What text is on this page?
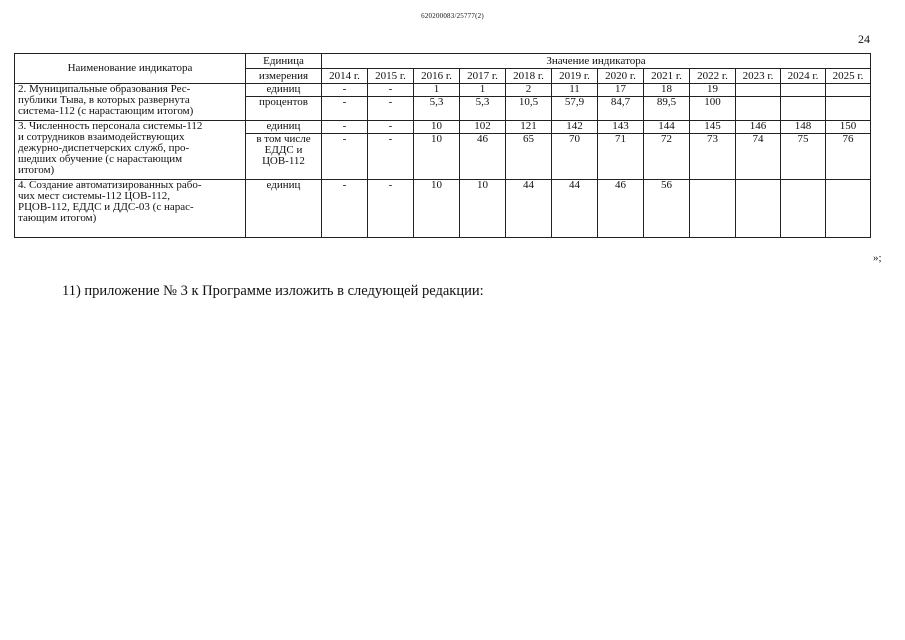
620200083/25777(2)
24
Наименование индикатора	Единица	Значение индикатора											
	измерения	2014 г.	2015 г.	2016 г.	2017 г.	2018 г.	2019 г.	2020 г.	2021 г.	2022 г.	2023 г.	2024 г.	2025 г.

2. Муниципальные образования Рес-
публики Тыва, в которых развернута
система-112 (с нарастающим итогом)	единиц	-	-	1	1	2	11	17	18	19			
	процентов	-	-	5,3	5,3	10,5	57,9	84,7	89,5	100			

3. Численность персонала системы-112
и сотрудников взаимодействующих
дежурно-диспетчерских служб, про-
шедших обучение (с нарастающим
итогом)	единиц	-	-	10	102	121	142	143	144	145	146	148	150

	в том числе
ЕДДС и
ЦОВ-112	-	-	10	46	65	70	71	72	73	74	75	76

4. Создание автоматизированных рабо-
чих мест системы-112 ЦОВ-112,
РЦОВ-112, ЕДДС и ДДС-03 (с нарас-
тающим итогом)	единиц	-	-	10	10	44	44	46	56				
»;
11) приложение № 3 к Программе изложить в следующей редакции:
